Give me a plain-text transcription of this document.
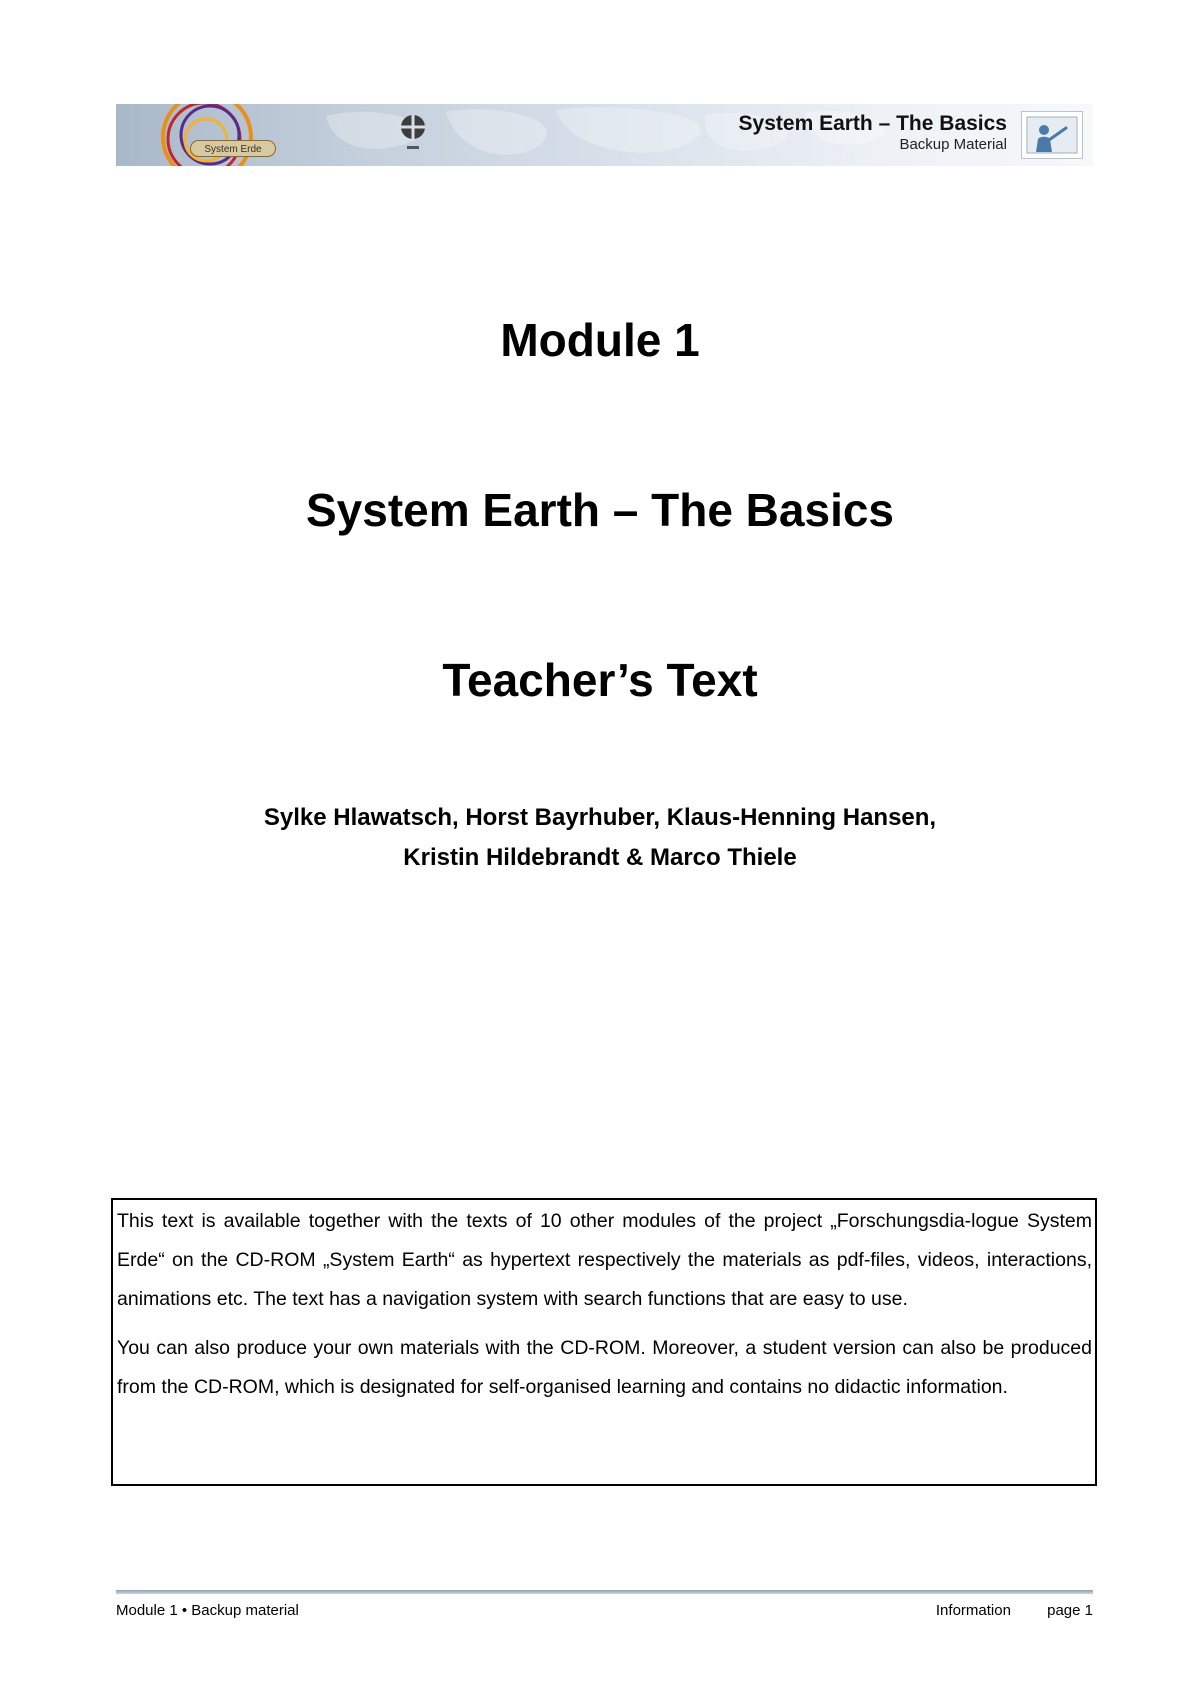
System Erde
System Earth – The Basics
Backup Material
Module 1
System Earth – The Basics
Teacher’s Text
Sylke Hlawatsch, Horst Bayrhuber, Klaus-Henning Hansen,
Kristin Hildebrandt & Marco Thiele

This text is available together with the texts of 10 other modules of the project „Forschungsdia-logue System Erde“ on the CD-ROM „System Earth“ as hypertext respectively the materials as pdf-files, videos, interactions, animations etc. The text has a navigation system with search functions that are easy to use.

You can also produce your own materials with the CD-ROM. Moreover, a student version can also be produced from the CD-ROM, which is designated for self-organised learning and contains no didactic information.

Module 1 • Backup material	Information page 1
